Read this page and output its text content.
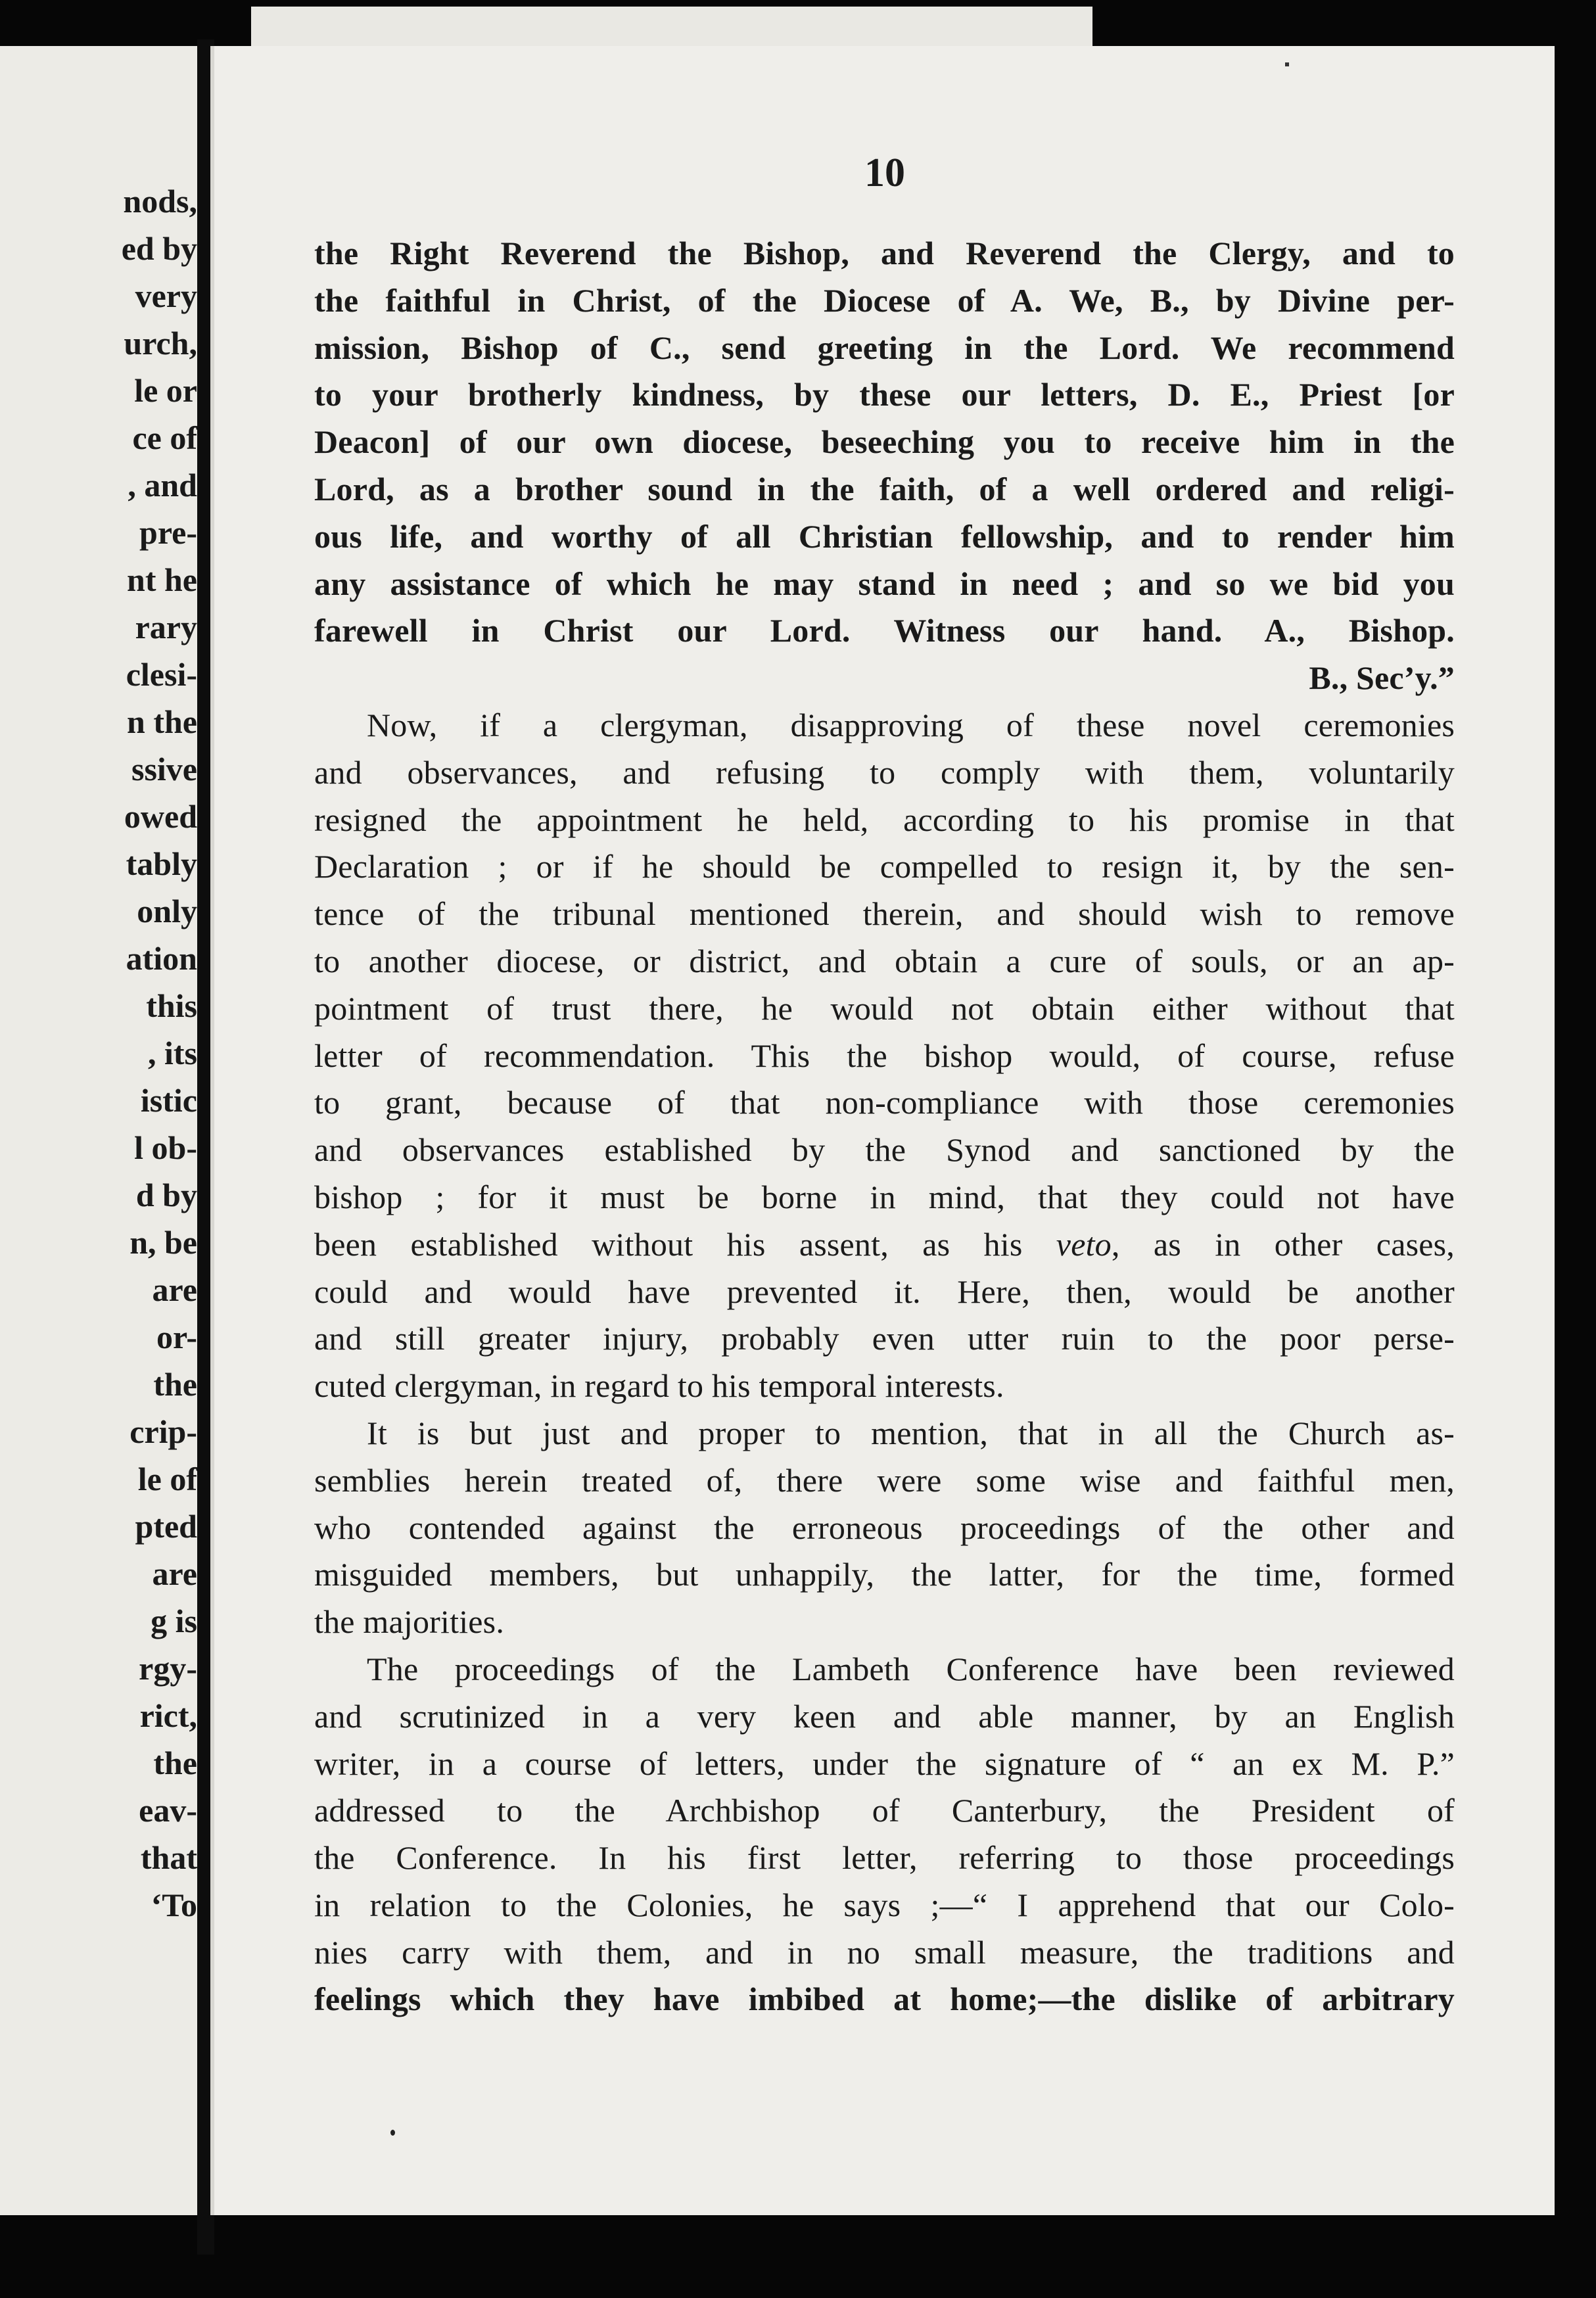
nods,
ed by
very
urch,
le or
ce of
, and
pre-
nt he
rary
clesi-
n the
ssive
owed
tably
only
ation
this
, its
istic
l ob-
d by
n, be
are
or-
the
crip-
le of
pted
are
g is
rgy-
rict,
the
eav-
that
‘To
10
the Right Reverend the Bishop, and Reverend the Clergy, and to
the faithful in Christ, of the Diocese of A. We, B., by Divine per-
mission, Bishop of C., send greeting in the Lord. We recommend
to your brotherly kindness, by these our letters, D. E., Priest [or
Deacon] of our own diocese, beseeching you to receive him in the
Lord, as a brother sound in the faith, of a well ordered and religi-
ous life, and worthy of all Christian fellowship, and to render him
any assistance of which he may stand in need ; and so we bid you
farewell in Christ our Lord. Witness our hand. A., Bishop.
B., Sec’y.”
Now, if a clergyman, disapproving of these novel ceremonies
and observances, and refusing to comply with them, voluntarily
resigned the appointment he held, according to his promise in that
Declaration ; or if he should be compelled to resign it, by the sen-
tence of the tribunal mentioned therein, and should wish to remove
to another diocese, or district, and obtain a cure of souls, or an ap-
pointment of trust there, he would not obtain either without that
letter of recommendation. This the bishop would, of course, refuse
to grant, because of that non-compliance with those ceremonies
and observances established by the Synod and sanctioned by the
bishop ; for it must be borne in mind, that they could not have
been established without his assent, as his veto, as in other cases,
could and would have prevented it. Here, then, would be another
and still greater injury, probably even utter ruin to the poor perse-
cuted clergyman, in regard to his temporal interests.
It is but just and proper to mention, that in all the Church as-
semblies herein treated of, there were some wise and faithful men,
who contended against the erroneous proceedings of the other and
misguided members, but unhappily, the latter, for the time, formed
the majorities.
The proceedings of the Lambeth Conference have been reviewed
and scrutinized in a very keen and able manner, by an English
writer, in a course of letters, under the signature of “ an ex M. P.”
addressed to the Archbishop of Canterbury, the President of
the Conference. In his first letter, referring to those proceedings
in relation to the Colonies, he says ;—“ I apprehend that our Colo-
nies carry with them, and in no small measure, the traditions and
feelings which they have imbibed at home;—the dislike of arbitrary
